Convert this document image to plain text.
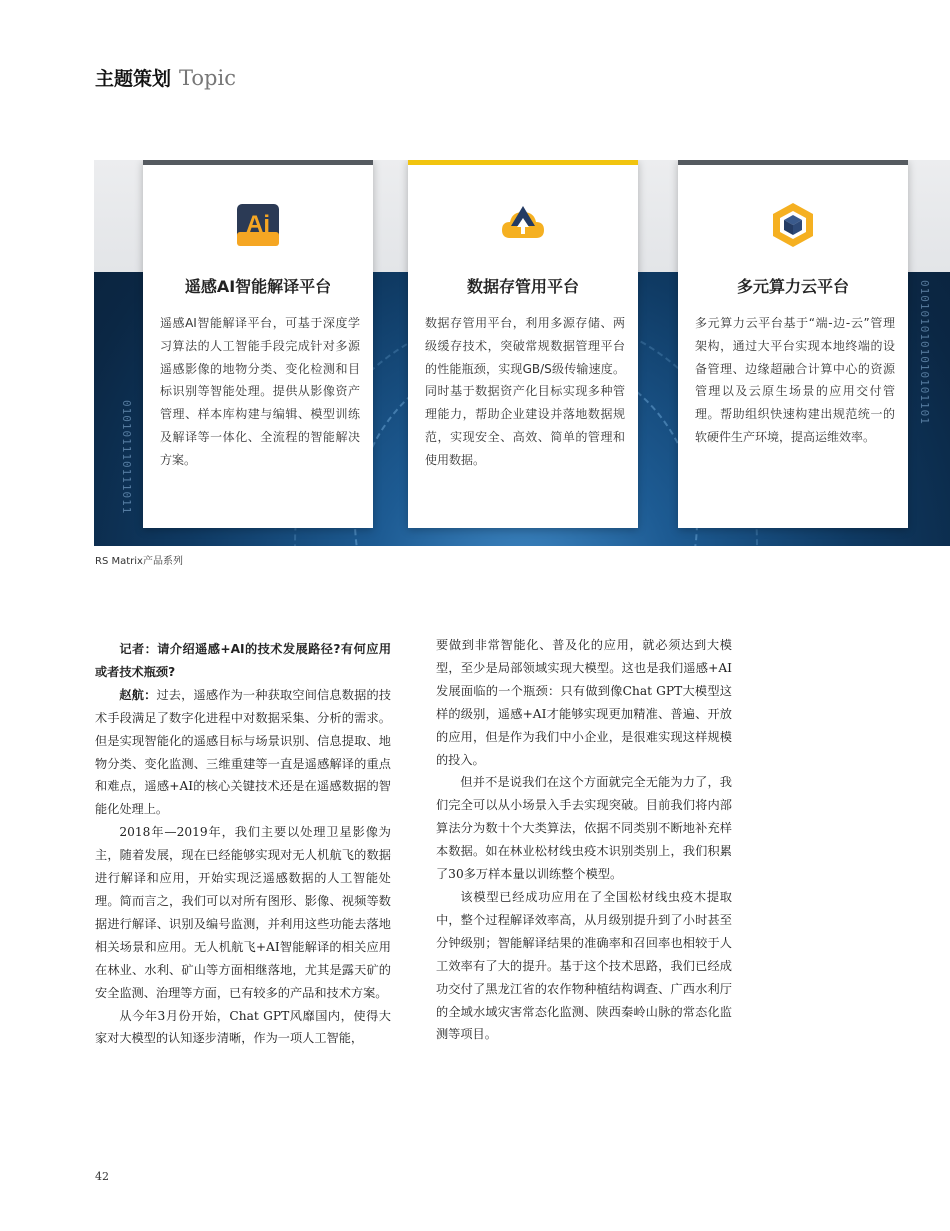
主题策划 Topic
010101110111011
0101010101010101101
Ai
遥感AI智能解译平台
遥感AI智能解译平台，可基于深度学习算法的人工智能手段完成针对多源遥感影像的地物分类、变化检测和目标识别等智能处理。提供从影像资产管理、样本库构建与编辑、模型训练及解译等一体化、全流程的智能解决方案。
数据存管用平台
数据存管用平台，利用多源存储、两级缓存技术，突破常规数据管理平台的性能瓶颈，实现GB/S级传输速度。同时基于数据资产化目标实现多种管理能力，帮助企业建设并落地数据规范，实现安全、高效、简单的管理和使用数据。
多元算力云平台
多元算力云平台基于“端-边-云”管理架构，通过大平台实现本地终端的设备管理、边缘超融合计算中心的资源管理以及云原生场景的应用交付管理。帮助组织快速构建出规范统一的软硬件生产环境，提高运维效率。
RS Matrix产品系列

记者：请介绍遥感+AI的技术发展路径?有何应用或者技术瓶颈?

赵航：过去，遥感作为一种获取空间信息数据的技术手段满足了数字化进程中对数据采集、分析的需求。但是实现智能化的遥感目标与场景识别、信息提取、地物分类、变化监测、三维重建等一直是遥感解译的重点和难点，遥感+AI的核心关键技术还是在遥感数据的智能化处理上。

2018年—2019年，我们主要以处理卫星影像为主，随着发展，现在已经能够实现对无人机航飞的数据进行解译和应用，开始实现泛遥感数据的人工智能处理。简而言之，我们可以对所有图形、影像、视频等数据进行解译、识别及编号监测，并利用这些功能去落地相关场景和应用。无人机航飞+AI智能解译的相关应用在林业、水利、矿山等方面相继落地，尤其是露天矿的安全监测、治理等方面，已有较多的产品和技术方案。

从今年3月份开始，Chat GPT风靡国内，使得大家对大模型的认知逐步清晰，作为一项人工智能，

要做到非常智能化、普及化的应用，就必须达到大模型，至少是局部领域实现大模型。这也是我们遥感+AI发展面临的一个瓶颈：只有做到像Chat GPT大模型这样的级别，遥感+AI才能够实现更加精准、普遍、开放的应用，但是作为我们中小企业，是很难实现这样规模的投入。

但并不是说我们在这个方面就完全无能为力了，我们完全可以从小场景入手去实现突破。目前我们将内部算法分为数十个大类算法，依据不同类别不断地补充样本数据。如在林业松材线虫疫木识别类别上，我们积累了30多万样本量以训练整个模型。

该模型已经成功应用在了全国松材线虫疫木提取中，整个过程解译效率高，从月级别提升到了小时甚至分钟级别；智能解译结果的准确率和召回率也相较于人工效率有了大的提升。基于这个技术思路，我们已经成功交付了黑龙江省的农作物种植结构调查、广西水利厅的全域水域灾害常态化监测、陕西秦岭山脉的常态化监测等项目。

42
